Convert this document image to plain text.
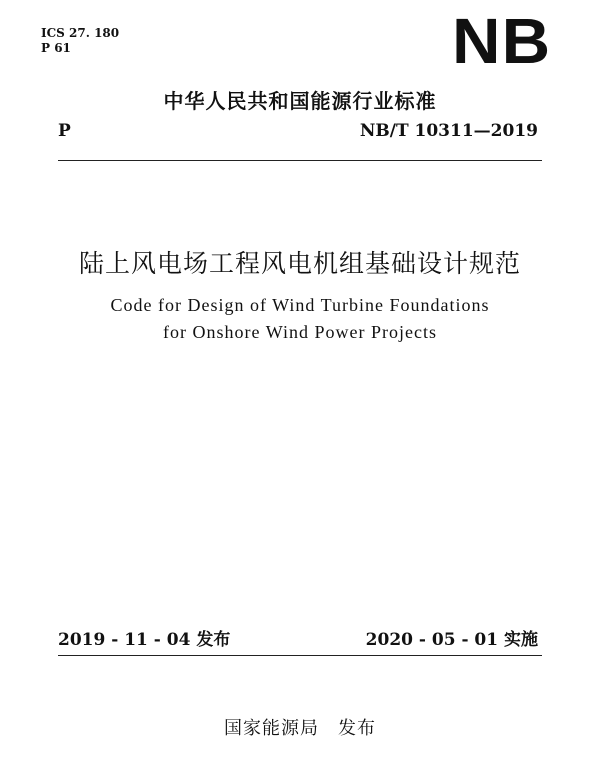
ICS 27. 180
P 61	NB
中华人民共和国能源行业标准
P	NB/T 10311—2019
陆上风电场工程风电机组基础设计规范
Code for Design of Wind Turbine Foundations
for Onshore Wind Power Projects
2019 - 11 - 04 发布	2020 - 05 - 01 实施
国家能源局　发布
